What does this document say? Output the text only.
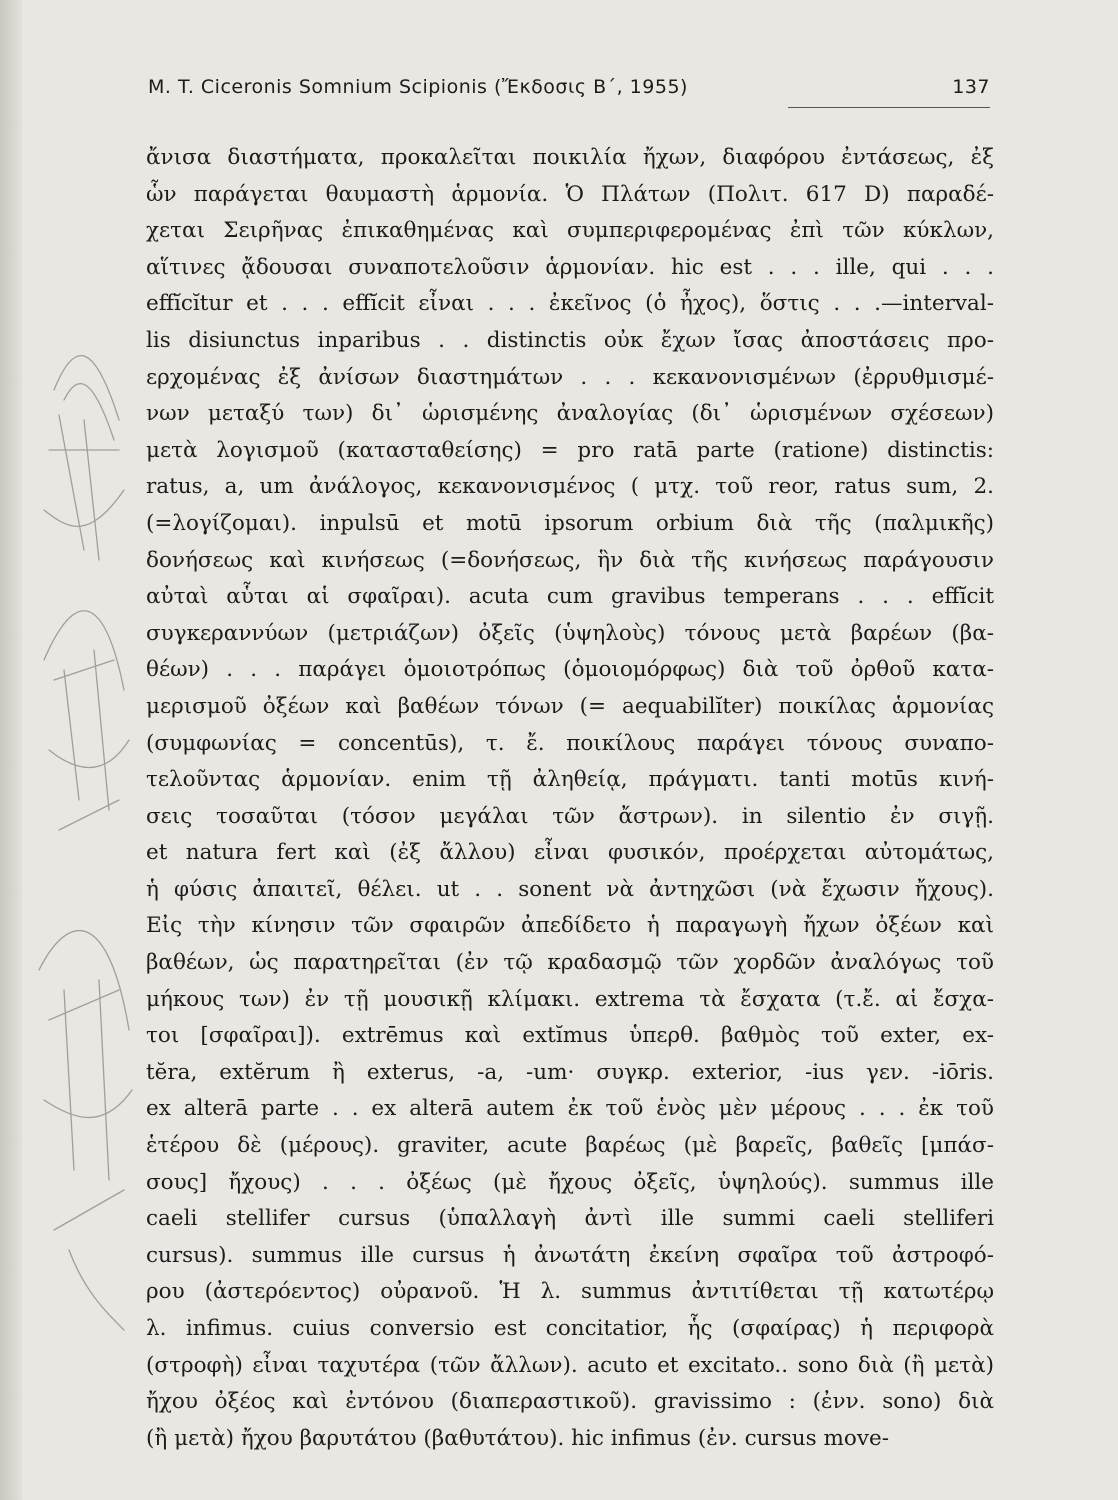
M. T. Ciceronis Somnium Scipionis (Ἔκδοσις Β΄, 1955)	137
ἄνισα διαστήματα, προκαλεῖται ποικιλία ἤχων, διαφόρου ἐντάσεως, ἐξ
ὧν παράγεται θαυμαστὴ ἁρμονία. Ὁ Πλάτων (Πολιτ. 617 D) παραδέ-
χεται Σειρῆνας ἐπικαθημένας καὶ συμπεριφερομένας ἐπὶ τῶν κύκλων,
αἵτινες ᾄδουσαι συναποτελοῦσιν ἁρμονίαν. hic est . . . ille, qui . . .
effĭcĭtur et . . . effĭcit εἶναι . . . ἐκεῖνος (ὁ ἦχος), ὅστις . . .—interval-
lis disiunctus inparibus . . distinctis οὐκ ἔχων ἴσας ἀποστάσεις προ-
ερχομένας ἐξ ἀνίσων διαστημάτων . . . κεκανονισμένων (ἐρρυθμισμέ-
νων μεταξύ των) δι᾽ ὡρισμένης ἀναλογίας (δι᾽ ὡρισμένων σχέσεων)
μετὰ λογισμοῦ (κατασταθείσης) = pro ratā parte (ratione) distinctis:
ratus, a, um ἀνάλογος, κεκανονισμένος ( μτχ. τοῦ reor, ratus sum, 2.
(=λογίζομαι). inpulsū et motū ipsorum orbium διὰ τῆς (παλμικῆς)
δονήσεως καὶ κινήσεως (=δονήσεως, ἣν διὰ τῆς κινήσεως παράγουσιν
αὐταὶ αὗται αἱ σφαῖραι). acuta cum gravibus temperans . . . effĭcit
συγκεραννύων (μετριάζων) ὀξεῖς (ὑψηλοὺς) τόνους μετὰ βαρέων (βα-
θέων) . . . παράγει ὁμοιοτρόπως (ὁμοιομόρφως) διὰ τοῦ ὀρθοῦ κατα-
μερισμοῦ ὀξέων καὶ βαθέων τόνων (= aequabilĭter) ποικίλας ἁρμονίας
(συμφωνίας = concentūs), τ. ἔ. ποικίλους παράγει τόνους συναπο-
τελοῦντας ἁρμονίαν. enim τῇ ἀληθείᾳ, πράγματι. tanti motūs κινή-
σεις τοσαῦται (τόσον μεγάλαι τῶν ἄστρων). in silentio ἐν σιγῇ.
et natura fert καὶ (ἐξ ἄλλου) εἶναι φυσικόν, προέρχεται αὐτομάτως,
ἡ φύσις ἀπαιτεῖ, θέλει. ut . . sonent νὰ ἀντηχῶσι (νὰ ἔχωσιν ἤχους).
Εἰς τὴν κίνησιν τῶν σφαιρῶν ἀπεδίδετο ἡ παραγωγὴ ἤχων ὀξέων καὶ
βαθέων, ὡς παρατηρεῖται (ἐν τῷ κραδασμῷ τῶν χορδῶν ἀναλόγως τοῦ
μήκους των) ἐν τῇ μουσικῇ κλίμακι. extrema τὰ ἔσχατα (τ.ἔ. αἱ ἔσχα-
τοι [σφαῖραι]). extrēmus καὶ extĭmus ὑπερθ. βαθμὸς τοῦ exter, ex-
tĕra, extĕrum ἢ exterus, -a, -um· συγκρ. exterior, -ius γεν. -iōris.
ex alterā parte . . ex alterā autem ἐκ τοῦ ἑνὸς μὲν μέρους . . . ἐκ τοῦ
ἑτέρου δὲ (μέρους). graviter, acute βαρέως (μὲ βαρεῖς, βαθεῖς [μπάσ-
σους] ἤχους) . . . ὀξέως (μὲ ἤχους ὀξεῖς, ὑψηλούς). summus ille
caeli stellifer cursus (ὑπαλλαγὴ ἀντὶ ille summi caeli stelliferi
cursus). summus ille cursus ἡ ἀνωτάτη ἐκείνη σφαῖρα τοῦ ἀστροφό-
ρου (ἀστερόεντος) οὐρανοῦ. Ἡ λ. summus ἀντιτίθεται τῇ κατωτέρῳ
λ. infimus. cuius conversio est concitatior, ἧς (σφαίρας) ἡ περιφορὰ
(στροφὴ) εἶναι ταχυτέρα (τῶν ἄλλων). acuto et excitato.. sono διὰ (ἢ μετὰ)
ἤχου ὀξέος καὶ ἐντόνου (διαπεραστικοῦ). gravissimo : (ἐνν. sono) διὰ
(ἢ μετὰ) ἤχου βαρυτάτου (βαθυτάτου). hic infimus (ἐν. cursus move-
